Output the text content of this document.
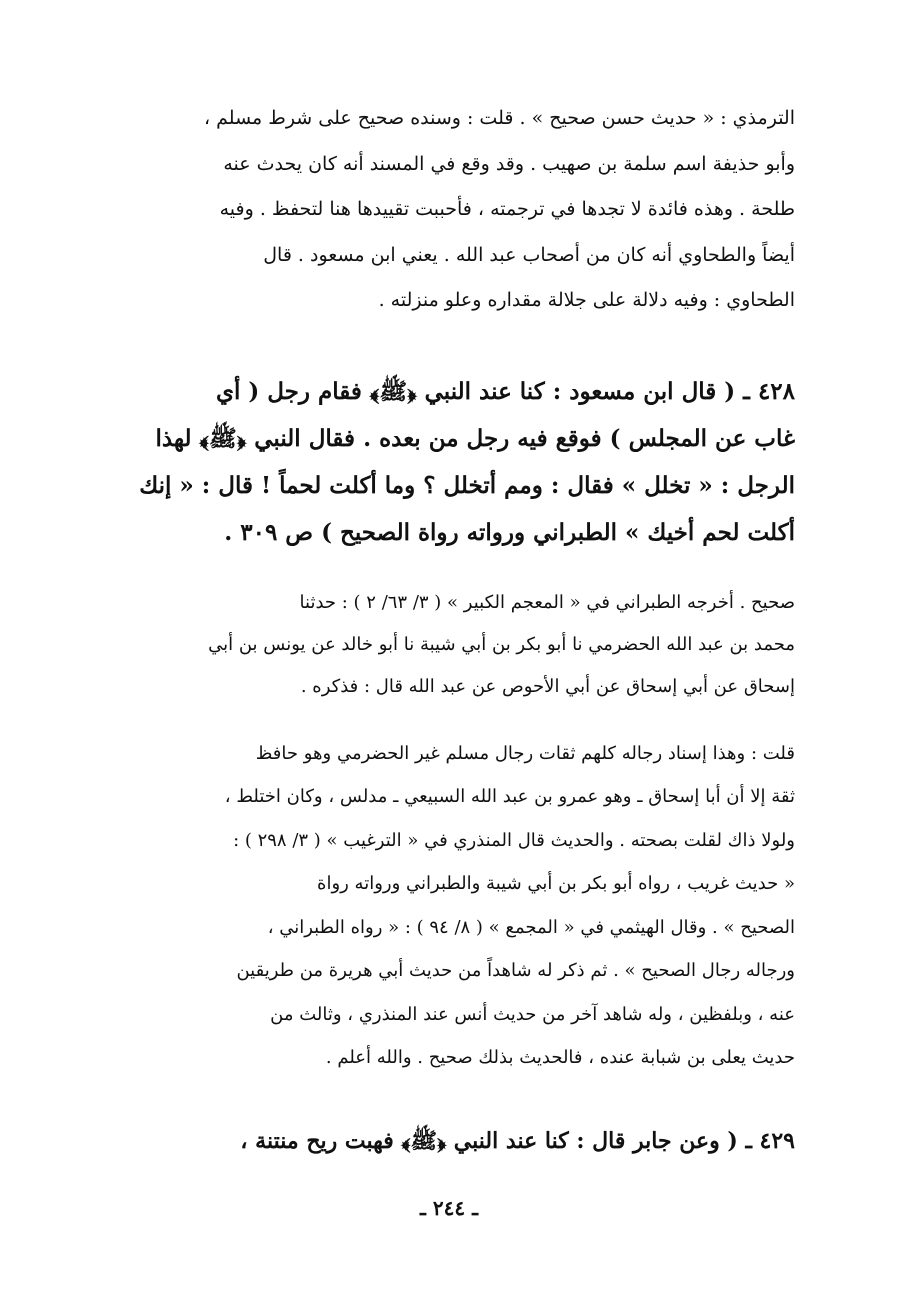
الترمذي : « حديث حسن صحيح » . قلت : وسنده صحيح على شرط مسلم ،
وأبو حذيفة اسم سلمة بن صهيب . وقد وقع في المسند أنه كان يحدث عنه
طلحة . وهذه فائدة لا تجدها في ترجمته ، فأحببت تقييدها هنا لتحفظ . وفيه
أيضاً والطحاوي أنه كان من أصحاب عبد الله . يعني ابن مسعود . قال
الطحاوي : وفيه دلالة على جلالة مقداره وعلو منزلته .
٤٢٨ ـ ( قال ابن مسعود : كنا عند النبي ﴿ﷺ﴾ فقام رجل ( أي
غاب عن المجلس ) فوقع فيه رجل من بعده . فقال النبي ﴿ﷺ﴾ لهذا
الرجل : « تخلل » فقال : ومم أتخلل ؟ وما أكلت لحماً ! قال : « إنك
أكلت لحم أخيك » الطبراني ورواته رواة الصحيح ) ص ٣٠٩ .
صحيح . أخرجه الطبراني في « المعجم الكبير » ( ٣/ ٦٣/ ٢ ) : حدثنا
محمد بن عبد الله الحضرمي نا أبو بكر بن أبي شيبة نا أبو خالد عن يونس بن أبي
إسحاق عن أبي إسحاق عن أبي الأحوص عن عبد الله قال : فذكره .
قلت : وهذا إسناد رجاله كلهم ثقات رجال مسلم غير الحضرمي وهو حافظ
ثقة إلا أن أبا إسحاق ـ وهو عمرو بن عبد الله السبيعي ـ مدلس ، وكان اختلط ،
ولولا ذاك لقلت بصحته . والحديث قال المنذري في « الترغيب » ( ٣/ ٢٩٨ ) :
« حديث غريب ، رواه أبو بكر بن أبي شيبة والطبراني ورواته رواة
الصحيح » . وقال الهيثمي في « المجمع » ( ٨/ ٩٤ ) : « رواه الطبراني ،
ورجاله رجال الصحيح » . ثم ذكر له شاهداً من حديث أبي هريرة من طريقين
عنه ، وبلفظين ، وله شاهد آخر من حديث أنس عند المنذري ، وثالث من
حديث يعلى بن شبابة عنده ، فالحديث بذلك صحيح . والله أعلم .
٤٢٩ ـ ( وعن جابر قال : كنا عند النبي ﴿ﷺ﴾ فهبت ريح منتنة ،
ـ ٢٤٤ ـ
